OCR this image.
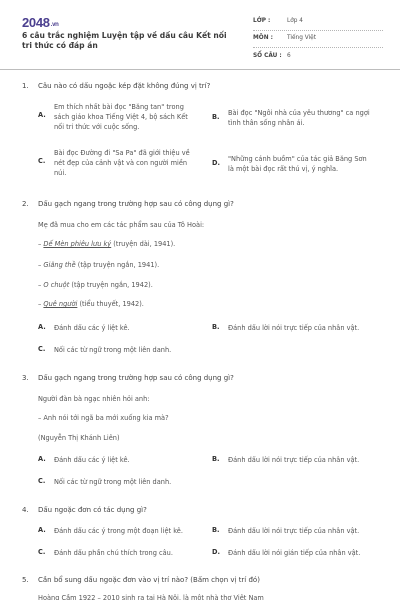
2048.vn
6 câu trắc nghiệm Luyện tập về dấu câu Kết nối tri thức có đáp án
LỚP :	Lớp 4
MÔN :	Tiếng Việt
SỐ CÂU : 6
1. Câu nào có dấu ngoặc kép đặt không đúng vị trí?
A.
Em thích nhất bài đọc "Băng tan" trong
sách giáo khoa Tiếng Việt 4, bộ sách Kết
nối tri thức với cuộc sống.
B.	Bài đọc "Ngôi nhà của yêu thương" ca ngợi
tình thân sống nhân ái.
C.
Bài đọc Đường đi "Sa Pa" đã giới thiệu về
nét đẹp của cảnh vật và con người miền
núi.
D.	"Những cánh buồm" của tác giả Băng Sơn
là một bài đọc rất thú vị, ý nghĩa.
2. Dấu gạch ngang trong trường hợp sau có công dụng gì?
Mẹ đã mua cho em các tác phẩm sau của Tô Hoài:
– Dế Mèn phiêu lưu ký (truyện dài, 1941).
– Giăng thề (tập truyện ngắn, 1941).
– O chuột (tập truyện ngắn, 1942).
– Quê người (tiểu thuyết, 1942).
A.	Đánh dấu các ý liệt kê.	B.	Đánh dấu lời nói trực tiếp của nhân vật.
C.	Nối các từ ngữ trong một liên danh.
3. Dấu gạch ngang trong trường hợp sau có công dụng gì?
Người đàn bà ngạc nhiên hỏi anh:
– Anh nói tới ngã ba mới xuống kia mà?
(Nguyễn Thị Khánh Liên)
A.	Đánh dấu các ý liệt kê.	B.	Đánh dấu lời nói trực tiếp của nhân vật.
C.	Nối các từ ngữ trong một liên danh.
4. Dấu ngoặc đơn có tác dụng gì?
A.	Đánh dấu các ý trong một đoạn liệt kê.	B.	Đánh dấu lời nói trực tiếp của nhân vật.
C.	Đánh dấu phần chú thích trong câu.	D.	Đánh dấu lời nói gián tiếp của nhân vật.
5. Cần bổ sung dấu ngoặc đơn vào vị trí nào? (Bấm chọn vị trí đó)
Hoàng Cầm 1922 – 2010 sinh ra tại Hà Nội, là một nhà thơ Việt Nam
